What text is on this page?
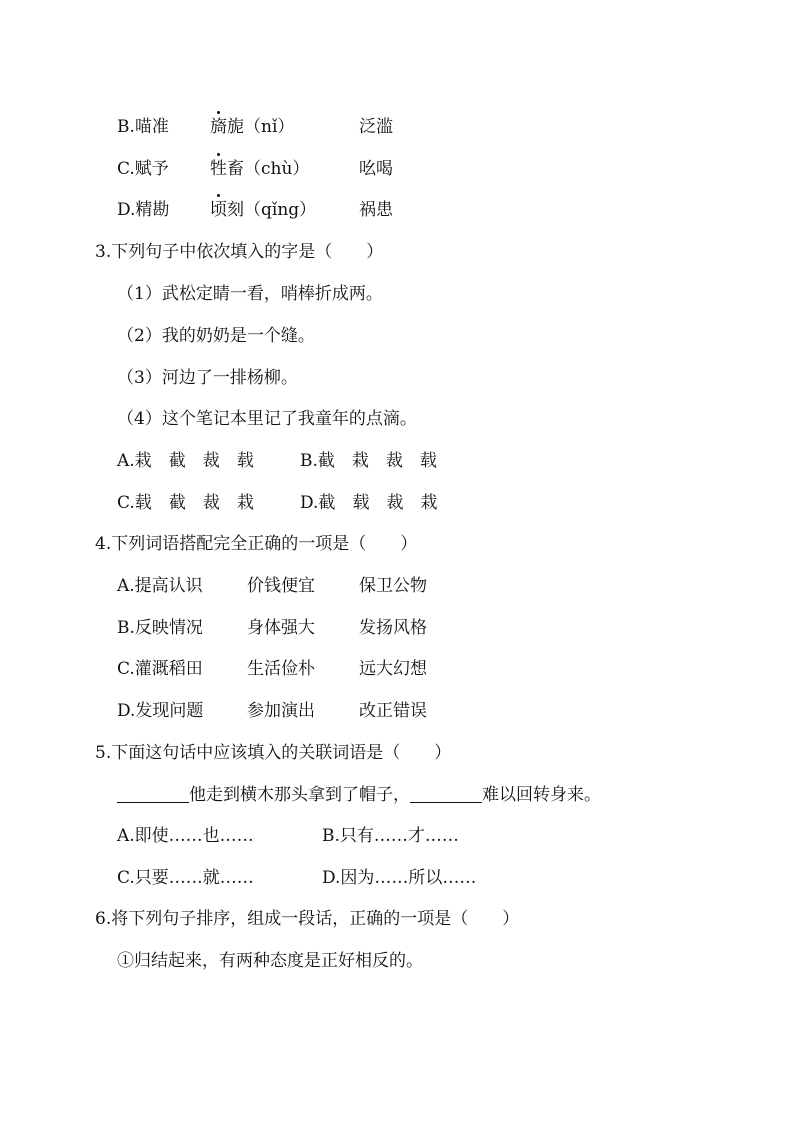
B.喵准 旖旎（nǐ）	泛滥
C.赋予 牲畜（chù）	吆喝
D.精勘 顷刻（qǐng）	祸患
3.下列句子中依次填入的字是（　　）
（1）武松定睛一看，哨棒折成两。
（2）我的奶奶是一个缝。
（3）河边了一排杨柳。
（4）这个笔记本里记了我童年的点滴。
A.栽  截  裁  载	B.截  栽  裁  载
C.载  截  裁  栽	D.截  载  裁  栽
4.下列词语搭配完全正确的一项是（　　）
A.提高认识	价钱便宜	保卫公物
B.反映情况	身体强大	发扬风格
C.灌溉稻田	生活俭朴	远大幻想
D.发现问题	参加演出	改正错误
5.下面这句话中应该填入的关联词语是（　　）
他走到横木那头拿到了帽子，	难以回转身来。
A.即使……也……	B.只有……才……
C.只要……就……	D.因为……所以……
6.将下列句子排序，组成一段话，正确的一项是（　　）
①归结起来，有两种态度是正好相反的。
